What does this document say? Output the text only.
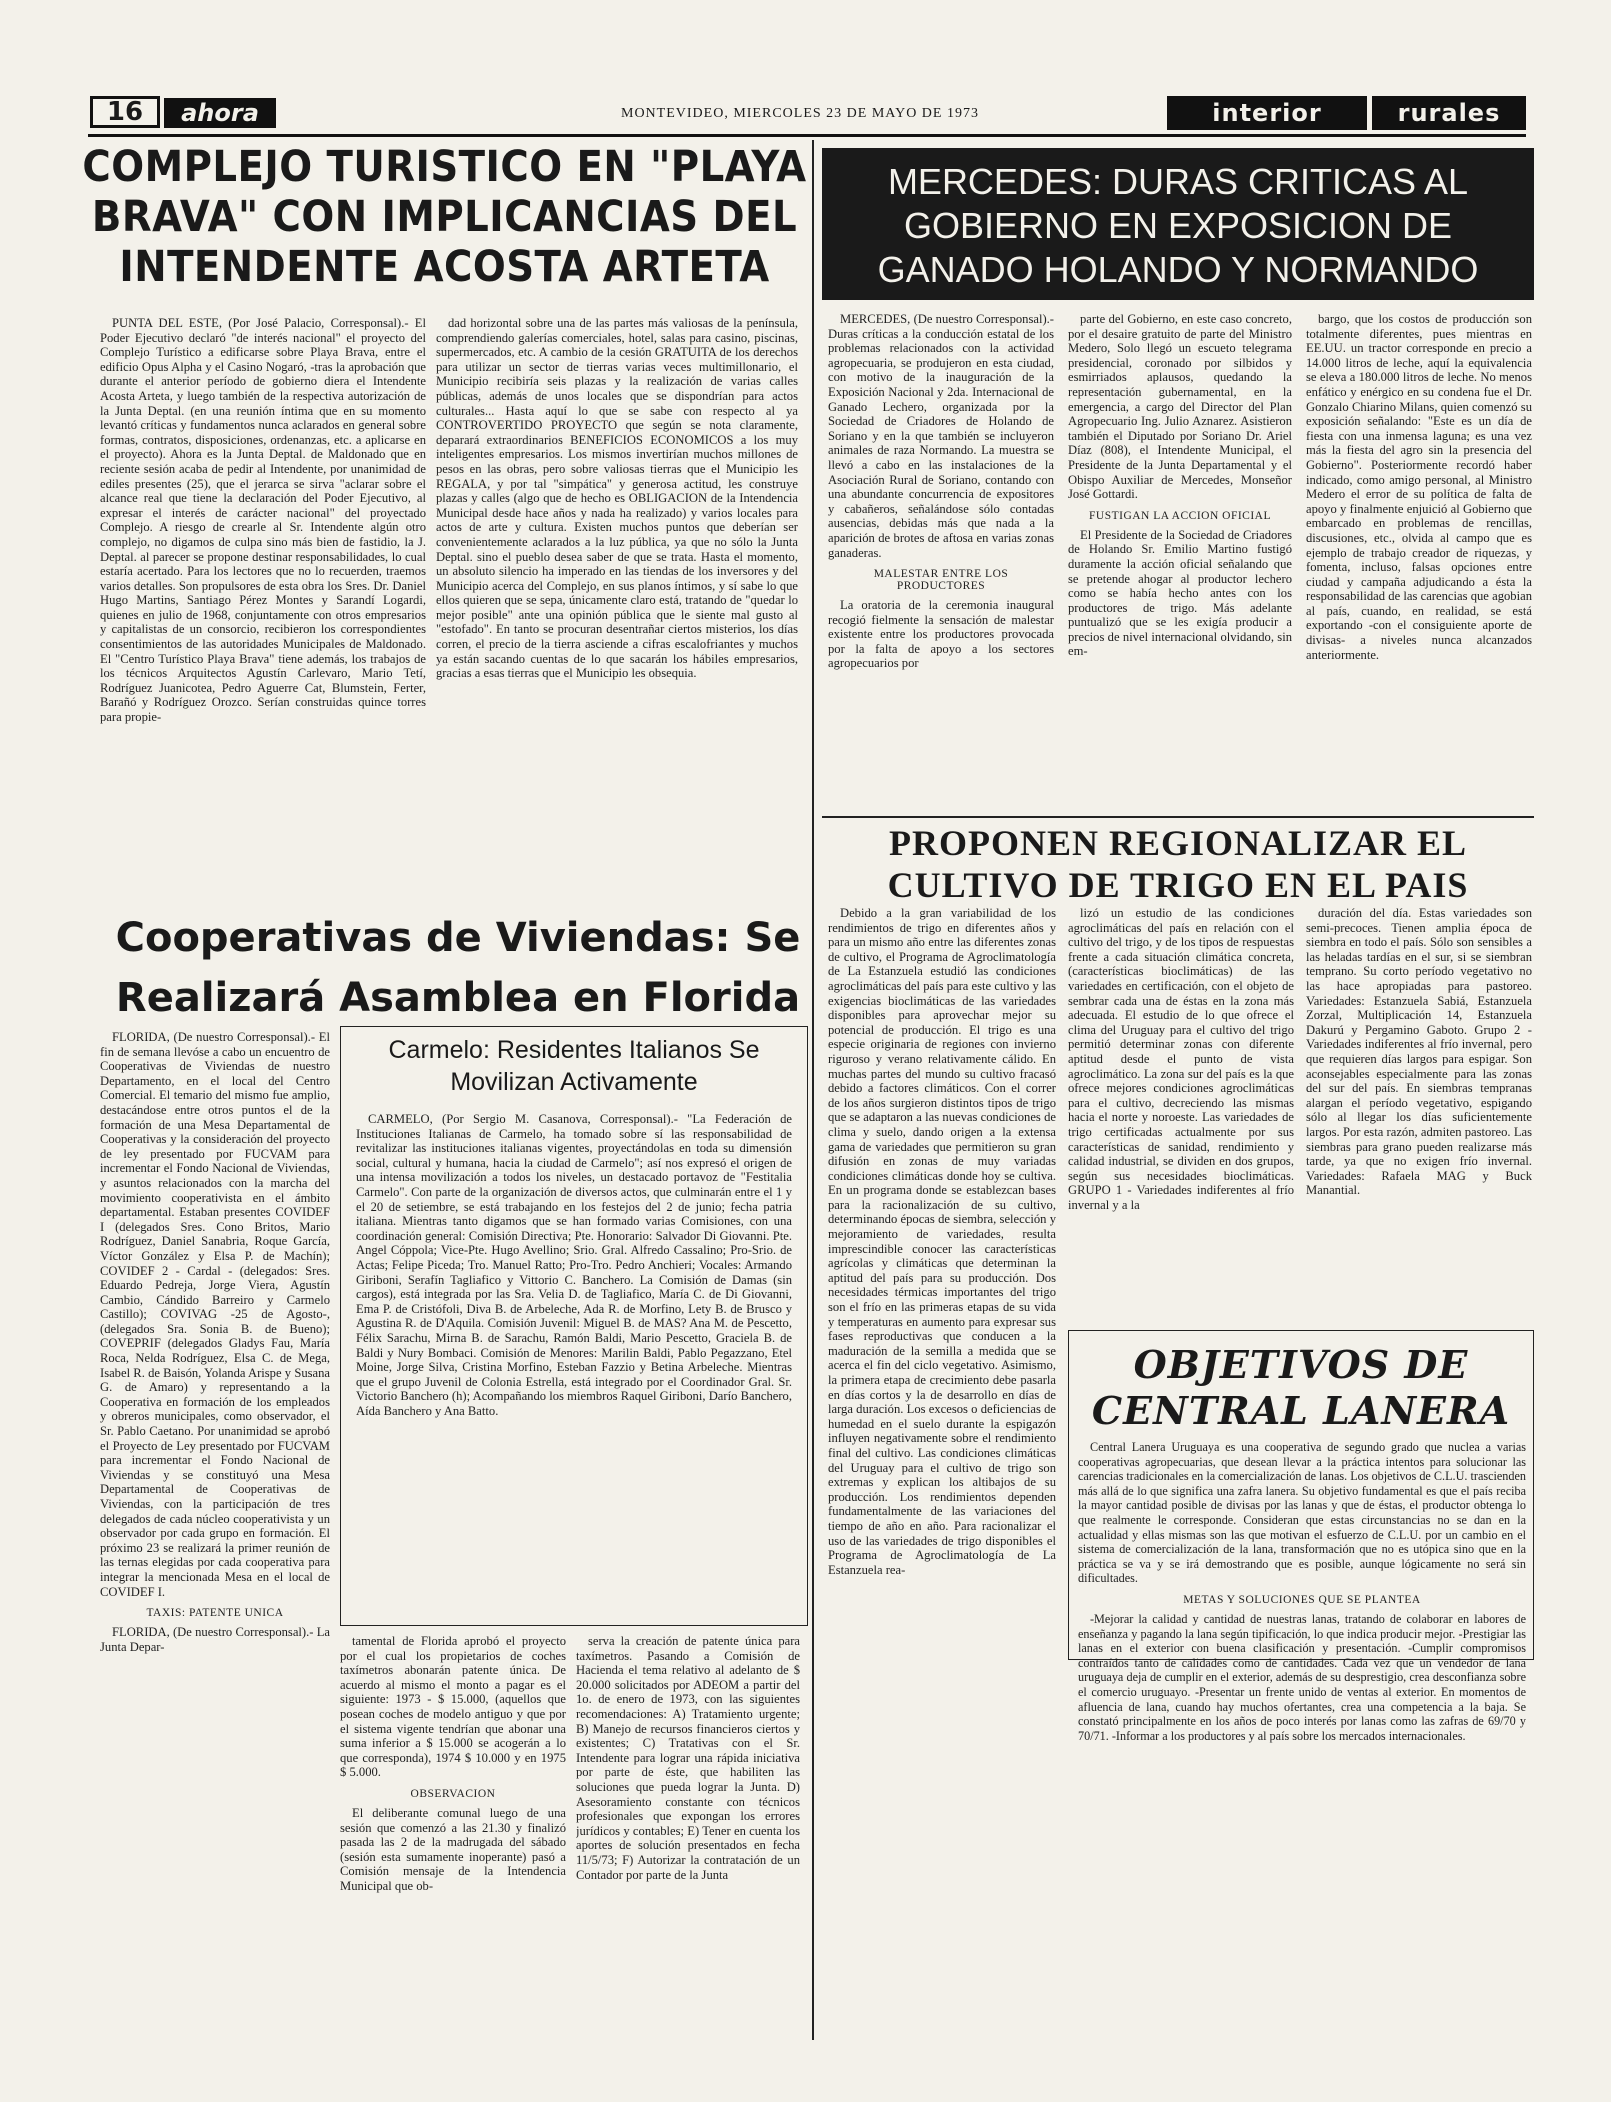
16	ahora	MONTEVIDEO, MIERCOLES 23 DE MAYO DE 1973	interior	rurales
COMPLEJO TURISTICO EN "PLAYA BRAVA" CON IMPLICANCIAS DEL INTENDENTE ACOSTA ARTETA

PUNTA DEL ESTE, (Por José Palacio, Corresponsal).- El Poder Ejecutivo declaró "de interés nacional" el proyecto del Complejo Turístico a edificarse sobre Playa Brava, entre el edificio Opus Alpha y el Casino Nogaró, -tras la aprobación que durante el anterior período de gobierno diera el Intendente Acosta Arteta, y luego también de la respectiva autorización de la Junta Deptal. (en una reunión íntima que en su momento levantó críticas y fundamentos nunca aclarados en general sobre formas, contratos, disposiciones, ordenanzas, etc. a aplicarse en el proyecto). Ahora es la Junta Deptal. de Maldonado que en reciente sesión acaba de pedir al Intendente, por unanimidad de ediles presentes (25), que el jerarca se sirva "aclarar sobre el alcance real que tiene la declaración del Poder Ejecutivo, al expresar el interés de carácter nacional" del proyectado Complejo. A riesgo de crearle al Sr. Intendente algún otro complejo, no digamos de culpa sino más bien de fastidio, la J. Deptal. al parecer se propone destinar responsabilidades, lo cual estaría acertado. Para los lectores que no lo recuerden, traemos varios detalles. Son propulsores de esta obra los Sres. Dr. Daniel Hugo Martins, Santiago Pérez Montes y Sarandí Logardi, quienes en julio de 1968, conjuntamente con otros empresarios y capitalistas de un consorcio, recibieron los correspondientes consentimientos de las autoridades Municipales de Maldonado. El "Centro Turístico Playa Brava" tiene además, los trabajos de los técnicos Arquitectos Agustín Carlevaro, Mario Tetí, Rodríguez Juanicotea, Pedro Aguerre Cat, Blumstein, Ferter, Barañó y Rodríguez Orozco. Serían construidas quince torres para propie-

dad horizontal sobre una de las partes más valiosas de la península, comprendiendo galerías comerciales, hotel, salas para casino, piscinas, supermercados, etc. A cambio de la cesión GRATUITA de los derechos para utilizar un sector de tierras varias veces multimillonario, el Municipio recibiría seis plazas y la realización de varias calles públicas, además de unos locales que se dispondrían para actos culturales... Hasta aquí lo que se sabe con respecto al ya CONTROVERTIDO PROYECTO que según se nota claramente, deparará extraordinarios BENEFICIOS ECONOMICOS a los muy inteligentes empresarios. Los mismos invertirían muchos millones de pesos en las obras, pero sobre valiosas tierras que el Municipio les REGALA, y por tal "simpática" y generosa actitud, les construye plazas y calles (algo que de hecho es OBLIGACION de la Intendencia Municipal desde hace años y nada ha realizado) y varios locales para actos de arte y cultura. Existen muchos puntos que deberían ser convenientemente aclarados a la luz pública, ya que no sólo la Junta Deptal. sino el pueblo desea saber de que se trata. Hasta el momento, un absoluto silencio ha imperado en las tiendas de los inversores y del Municipio acerca del Complejo, en sus planos íntimos, y sí sabe lo que ellos quieren que se sepa, únicamente claro está, tratando de "quedar lo mejor posible" ante una opinión pública que le siente mal gusto al "estofado". En tanto se procuran desentrañar ciertos misterios, los días corren, el precio de la tierra asciende a cifras escalofriantes y muchos ya están sacando cuentas de lo que sacarán los hábiles empresarios, gracias a esas tierras que el Municipio les obsequia.

MERCEDES: DURAS CRITICAS AL GOBIERNO EN EXPOSICION DE GANADO HOLANDO Y NORMANDO

MERCEDES, (De nuestro Corresponsal).- Duras críticas a la conducción estatal de los problemas relacionados con la actividad agropecuaria, se produjeron en esta ciudad, con motivo de la inauguración de la Exposición Nacional y 2da. Internacional de Ganado Lechero, organizada por la Sociedad de Criadores de Holando de Soriano y en la que también se incluyeron animales de raza Normando. La muestra se llevó a cabo en las instalaciones de la Asociación Rural de Soriano, contando con una abundante concurrencia de expositores y cabañeros, señalándose sólo contadas ausencias, debidas más que nada a la aparición de brotes de aftosa en varias zonas ganaderas.

MALESTAR ENTRE LOS PRODUCTORES

La oratoria de la ceremonia inaugural recogió fielmente la sensación de malestar existente entre los productores provocada por la falta de apoyo a los sectores agropecuarios por

parte del Gobierno, en este caso concreto, por el desaire gratuito de parte del Ministro Medero, Solo llegó un escueto telegrama presidencial, coronado por silbidos y esmirriados aplausos, quedando la representación gubernamental, en la emergencia, a cargo del Director del Plan Agropecuario Ing. Julio Aznarez. Asistieron también el Diputado por Soriano Dr. Ariel Díaz (808), el Intendente Municipal, el Presidente de la Junta Departamental y el Obispo Auxiliar de Mercedes, Monseñor José Gottardi.

FUSTIGAN LA ACCION OFICIAL

El Presidente de la Sociedad de Criadores de Holando Sr. Emilio Martino fustigó duramente la acción oficial señalando que se pretende ahogar al productor lechero como se había hecho antes con los productores de trigo. Más adelante puntualizó que se les exigía producir a precios de nivel internacional olvidando, sin em-

bargo, que los costos de producción son totalmente diferentes, pues mientras en EE.UU. un tractor corresponde en precio a 14.000 litros de leche, aquí la equivalencia se eleva a 180.000 litros de leche. No menos enfático y enérgico en su condena fue el Dr. Gonzalo Chiarino Milans, quien comenzó su exposición señalando: "Este es un día de fiesta con una inmensa laguna; es una vez más la fiesta del agro sin la presencia del Gobierno". Posteriormente recordó haber indicado, como amigo personal, al Ministro Medero el error de su política de falta de apoyo y finalmente enjuició al Gobierno que embarcado en problemas de rencillas, discusiones, etc., olvida al campo que es ejemplo de trabajo creador de riquezas, y fomenta, incluso, falsas opciones entre ciudad y campaña adjudicando a ésta la responsabilidad de las carencias que agobian al país, cuando, en realidad, se está exportando -con el consiguiente aporte de divisas- a niveles nunca alcanzados anteriormente.

Cooperativas de Viviendas: Se Realizará Asamblea en Florida

FLORIDA, (De nuestro Corresponsal).- El fin de semana llevóse a cabo un encuentro de Cooperativas de Viviendas de nuestro Departamento, en el local del Centro Comercial. El temario del mismo fue amplio, destacándose entre otros puntos el de la formación de una Mesa Departamental de Cooperativas y la consideración del proyecto de ley presentado por FUCVAM para incrementar el Fondo Nacional de Viviendas, y asuntos relacionados con la marcha del movimiento cooperativista en el ámbito departamental. Estaban presentes COVIDEF I (delegados Sres. Cono Britos, Mario Rodríguez, Daniel Sanabria, Roque García, Víctor González y Elsa P. de Machín); COVIDEF 2 - Cardal - (delegados: Sres. Eduardo Pedreja, Jorge Viera, Agustín Cambio, Cándido Barreiro y Carmelo Castillo); COVIVAG -25 de Agosto-, (delegados Sra. Sonia B. de Bueno); COVEPRIF (delegados Gladys Fau, María Roca, Nelda Rodríguez, Elsa C. de Mega, Isabel R. de Baisón, Yolanda Arispe y Susana G. de Amaro) y representando a la Cooperativa en formación de los empleados y obreros municipales, como observador, el Sr. Pablo Caetano. Por unanimidad se aprobó el Proyecto de Ley presentado por FUCVAM para incrementar el Fondo Nacional de Viviendas y se constituyó una Mesa Departamental de Cooperativas de Viviendas, con la participación de tres delegados de cada núcleo cooperativista y un observador por cada grupo en formación. El próximo 23 se realizará la primer reunión de las ternas elegidas por cada cooperativa para integrar la mencionada Mesa en el local de COVIDEF I.

TAXIS: PATENTE UNICA

FLORIDA, (De nuestro Corresponsal).- La Junta Depar-

Carmelo: Residentes Italianos Se Movilizan Activamente

CARMELO, (Por Sergio M. Casanova, Corresponsal).- "La Federación de Instituciones Italianas de Carmelo, ha tomado sobre sí las responsabilidad de revitalizar las instituciones italianas vigentes, proyectándolas en toda su dimensión social, cultural y humana, hacia la ciudad de Carmelo"; así nos expresó el origen de una intensa movilización a todos los niveles, un destacado portavoz de "Festitalia Carmelo". Con parte de la organización de diversos actos, que culminarán entre el 1 y el 20 de setiembre, se está trabajando en los festejos del 2 de junio; fecha patria italiana. Mientras tanto digamos que se han formado varias Comisiones, con una coordinación general: Comisión Directiva; Pte. Honorario: Salvador Di Giovanni. Pte. Angel Cóppola; Vice-Pte. Hugo Avellino; Srio. Gral. Alfredo Cassalino; Pro-Srio. de Actas; Felipe Piceda; Tro. Manuel Ratto; Pro-Tro. Pedro Anchieri; Vocales: Armando Giriboni, Serafín Tagliafico y Vittorio C. Banchero. La Comisión de Damas (sin cargos), está integrada por las Sra. Velia D. de Tagliafico, María C. de Di Giovanni, Ema P. de Cristófoli, Diva B. de Arbeleche, Ada R. de Morfino, Lety B. de Brusco y Agustina R. de D'Aquila. Comisión Juvenil: Miguel B. de MAS? Ana M. de Pescetto, Félix Sarachu, Mirna B. de Sarachu, Ramón Baldi, Mario Pescetto, Graciela B. de Baldi y Nury Bombaci. Comisión de Menores: Marilin Baldi, Pablo Pegazzano, Etel Moine, Jorge Silva, Cristina Morfino, Esteban Fazzio y Betina Arbeleche. Mientras que el grupo Juvenil de Colonia Estrella, está integrado por el Coordinador Gral. Sr. Victorio Banchero (h); Acompañando los miembros Raquel Giriboni, Darío Banchero, Aída Banchero y Ana Batto.

tamental de Florida aprobó el proyecto por el cual los propietarios de coches taxímetros abonarán patente única. De acuerdo al mismo el monto a pagar es el siguiente: 1973 - $ 15.000, (aquellos que posean coches de modelo antiguo y que por el sistema vigente tendrían que abonar una suma inferior a $ 15.000 se acogerán a lo que corresponda), 1974 $ 10.000 y en 1975 $ 5.000.

OBSERVACION

El deliberante comunal luego de una sesión que comenzó a las 21.30 y finalizó pasada las 2 de la madrugada del sábado (sesión esta sumamente inoperante) pasó a Comisión mensaje de la Intendencia Municipal que ob-

serva la creación de patente única para taxímetros. Pasando a Comisión de Hacienda el tema relativo al adelanto de $ 20.000 solicitados por ADEOM a partir del 1o. de enero de 1973, con las siguientes recomendaciones: A) Tratamiento urgente; B) Manejo de recursos financieros ciertos y existentes; C) Tratativas con el Sr. Intendente para lograr una rápida iniciativa por parte de éste, que habiliten las soluciones que pueda lograr la Junta. D) Asesoramiento constante con técnicos profesionales que expongan los errores jurídicos y contables; E) Tener en cuenta los aportes de solución presentados en fecha 11/5/73; F) Autorizar la contratación de un Contador por parte de la Junta

PROPONEN REGIONALIZAR EL CULTIVO DE TRIGO EN EL PAIS

Debido a la gran variabilidad de los rendimientos de trigo en diferentes años y para un mismo año entre las diferentes zonas de cultivo, el Programa de Agroclimatología de La Estanzuela estudió las condiciones agroclimáticas del país para este cultivo y las exigencias bioclimáticas de las variedades disponibles para aprovechar mejor su potencial de producción. El trigo es una especie originaria de regiones con invierno riguroso y verano relativamente cálido. En muchas partes del mundo su cultivo fracasó debido a factores climáticos. Con el correr de los años surgieron distintos tipos de trigo que se adaptaron a las nuevas condiciones de clima y suelo, dando origen a la extensa gama de variedades que permitieron su gran difusión en zonas de muy variadas condiciones climáticas donde hoy se cultiva. En un programa donde se establezcan bases para la racionalización de su cultivo, determinando épocas de siembra, selección y mejoramiento de variedades, resulta imprescindible conocer las características agrícolas y climáticas que determinan la aptitud del país para su producción. Dos necesidades térmicas importantes del trigo son el frío en las primeras etapas de su vida y temperaturas en aumento para expresar sus fases reproductivas que conducen a la maduración de la semilla a medida que se acerca el fin del ciclo vegetativo. Asimismo, la primera etapa de crecimiento debe pasarla en días cortos y la de desarrollo en días de larga duración. Los excesos o deficiencias de humedad en el suelo durante la espigazón influyen negativamente sobre el rendimiento final del cultivo. Las condiciones climáticas del Uruguay para el cultivo de trigo son extremas y explican los altibajos de su producción. Los rendimientos dependen fundamentalmente de las variaciones del tiempo de año en año. Para racionalizar el uso de las variedades de trigo disponibles el Programa de Agroclimatología de La Estanzuela rea-

lizó un estudio de las condiciones agroclimáticas del país en relación con el cultivo del trigo, y de los tipos de respuestas frente a cada situación climática concreta, (características bioclimáticas) de las variedades en certificación, con el objeto de sembrar cada una de éstas en la zona más adecuada. El estudio de lo que ofrece el clima del Uruguay para el cultivo del trigo permitió determinar zonas con diferente aptitud desde el punto de vista agroclimático. La zona sur del país es la que ofrece mejores condiciones agroclimáticas para el cultivo, decreciendo las mismas hacia el norte y noroeste. Las variedades de trigo certificadas actualmente por sus características de sanidad, rendimiento y calidad industrial, se dividen en dos grupos, según sus necesidades bioclimáticas. GRUPO 1 - Variedades indiferentes al frío invernal y a la

duración del día. Estas variedades son semi-precoces. Tienen amplia época de siembra en todo el país. Sólo son sensibles a las heladas tardías en el sur, si se siembran temprano. Su corto período vegetativo no las hace apropiadas para pastoreo. Variedades: Estanzuela Sabiá, Estanzuela Zorzal, Multiplicación 14, Estanzuela Dakurú y Pergamino Gaboto. Grupo 2 - Variedades indiferentes al frío invernal, pero que requieren días largos para espigar. Son aconsejables especialmente para las zonas del sur del país. En siembras tempranas alargan el período vegetativo, espigando sólo al llegar los días suficientemente largos. Por esta razón, admiten pastoreo. Las siembras para grano pueden realizarse más tarde, ya que no exigen frío invernal. Variedades: Rafaela MAG y Buck Manantial.

OBJETIVOS DE CENTRAL LANERA

Central Lanera Uruguaya es una cooperativa de segundo grado que nuclea a varias cooperativas agropecuarias, que desean llevar a la práctica intentos para solucionar las carencias tradicionales en la comercialización de lanas. Los objetivos de C.L.U. trascienden más allá de lo que significa una zafra lanera. Su objetivo fundamental es que el país reciba la mayor cantidad posible de divisas por las lanas y que de éstas, el productor obtenga lo que realmente le corresponde. Consideran que estas circunstancias no se dan en la actualidad y ellas mismas son las que motivan el esfuerzo de C.L.U. por un cambio en el sistema de comercialización de la lana, transformación que no es utópica sino que en la práctica se va y se irá demostrando que es posible, aunque lógicamente no será sin dificultades.

METAS Y SOLUCIONES QUE SE PLANTEA

-Mejorar la calidad y cantidad de nuestras lanas, tratando de colaborar en labores de enseñanza y pagando la lana según tipificación, lo que indica producir mejor. -Prestigiar las lanas en el exterior con buena clasificación y presentación. -Cumplir compromisos contraídos tanto de calidades como de cantidades. Cada vez que un vendedor de lana uruguaya deja de cumplir en el exterior, además de su desprestigio, crea desconfianza sobre el comercio uruguayo. -Presentar un frente unido de ventas al exterior. En momentos de afluencia de lana, cuando hay muchos ofertantes, crea una competencia a la baja. Se constató principalmente en los años de poco interés por lanas como las zafras de 69/70 y 70/71. -Informar a los productores y al país sobre los mercados internacionales.
